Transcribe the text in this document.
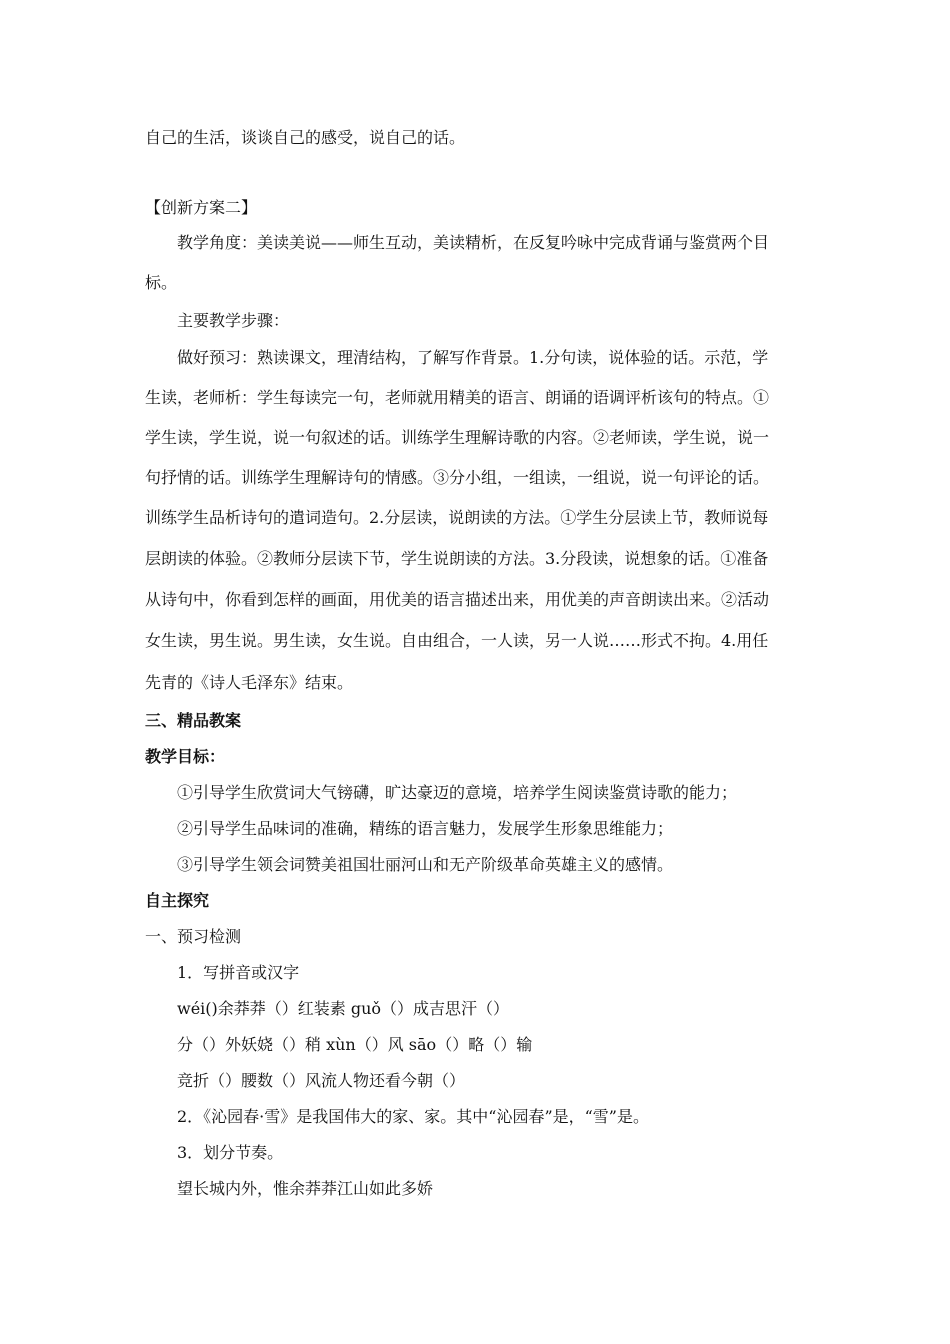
自己的生活，谈谈自己的感受，说自己的话。
【创新方案二】
教学角度：美读美说——师生互动，美读精析，在反复吟咏中完成背诵与鉴赏两个目
标。
主要教学步骤：
做好预习：熟读课文，理清结构，了解写作背景。1.分句读，说体验的话。示范，学
生读，老师析：学生每读完一句，老师就用精美的语言、朗诵的语调评析该句的特点。①
学生读，学生说，说一句叙述的话。训练学生理解诗歌的内容。②老师读，学生说，说一
句抒情的话。训练学生理解诗句的情感。③分小组，一组读，一组说，说一句评论的话。
训练学生品析诗句的遣词造句。2.分层读，说朗读的方法。①学生分层读上节，教师说每
层朗读的体验。②教师分层读下节，学生说朗读的方法。3.分段读，说想象的话。①准备
从诗句中，你看到怎样的画面，用优美的语言描述出来，用优美的声音朗读出来。②活动
女生读，男生说。男生读，女生说。自由组合，一人读，另一人说……形式不拘。4.用任
先青的《诗人毛泽东》结束。
三、精品教案
教学目标：
①引导学生欣赏词大气镑礴，旷达豪迈的意境，培养学生阅读鉴赏诗歌的能力；
②引导学生品味词的准确，精练的语言魅力，发展学生形象思维能力；
③引导学生领会词赞美祖国壮丽河山和无产阶级革命英雄主义的感情。
自主探究
一、预习检测
1．写拼音或汉字
wéi()余莽莽（）红装素 guǒ（）成吉思汗（）
分（）外妖娆（）稍 xùn（）风 sāo（）略（）输
竞折（）腰数（）风流人物还看今朝（）
2．《沁园春·雪》是我国伟大的家、家。其中“沁园春”是，“雪”是。
3．划分节奏。
望长城内外，惟余莽莽江山如此多娇
